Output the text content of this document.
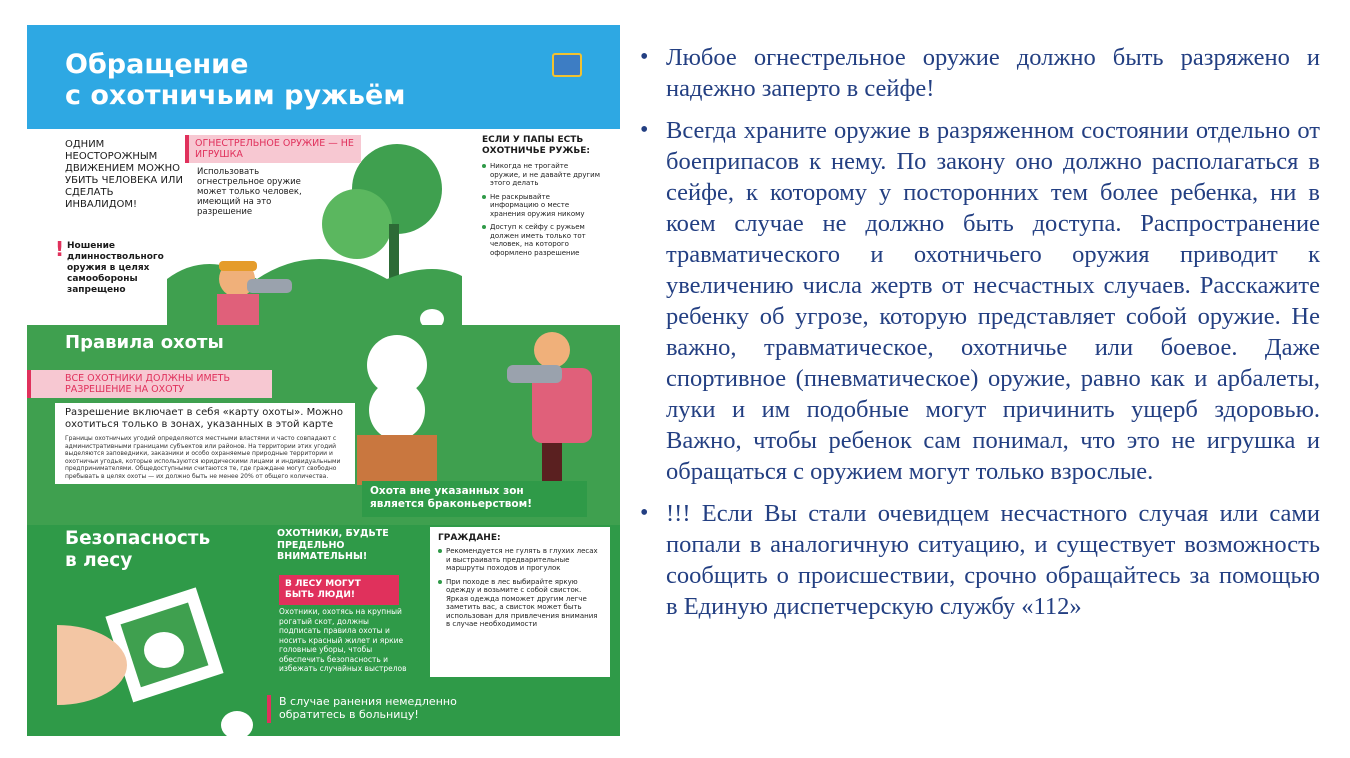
Обращение
с охотничьим ружьём
ОДНИМ НЕОСТОРОЖНЫМ ДВИЖЕНИЕМ МОЖНО УБИТЬ ЧЕЛОВЕКА ИЛИ СДЕЛАТЬ ИНВАЛИДОМ!
! Ношение длинноствольного оружия в целях самообороны запрещено
ОГНЕСТРЕЛЬНОЕ ОРУЖИЕ — НЕ ИГРУШКА
Использовать огнестрельное оружие может только человек, имеющий на это разрешение
ЕСЛИ У ПАПЫ ЕСТЬ ОХОТНИЧЬЕ РУЖЬЕ:
Никогда не трогайте оружие, и не давайте другим этого делать
Не раскрывайте информацию о месте хранения оружия никому
Доступ к сейфу с ружьем должен иметь только тот человек, на которого оформлено разрешение
Правила охоты
ВСЕ ОХОТНИКИ ДОЛЖНЫ ИМЕТЬ РАЗРЕШЕНИЕ НА ОХОТУ
Разрешение включает в себя «карту охоты». Можно охотиться только в зонах, указанных в этой карте
Границы охотничьих угодий определяются местными властями и часто совпадают с административными границами субъектов или районов. На территории этих угодий выделяются заповедники, заказники и особо охраняемые природные территории и охотничьи угодья, которые используются юридическими лицами и индивидуальными предпринимателями. Общедоступными считаются те, где граждане могут свободно пребывать в целях охоты — их должно быть не менее 20% от общего количества.
Охота вне указанных зон является браконьерством!
Безопасность
в лесу
ОХОТНИКИ, БУДЬТЕ ПРЕДЕЛЬНО ВНИМАТЕЛЬНЫ!
В ЛЕСУ МОГУТ БЫТЬ ЛЮДИ!
Охотники, охотясь на крупный рогатый скот, должны подписать правила охоты и носить красный жилет и яркие головные уборы, чтобы обеспечить безопасность и избежать случайных выстрелов
ГРАЖДАНЕ:
Рекомендуется не гулять в глухих лесах и выстраивать предварительные маршруты походов и прогулок
При походе в лес выбирайте яркую одежду и возьмите с собой свисток. Яркая одежда поможет другим легче заметить вас, а свисток может быть использован для привлечения внимания в случае необходимости
В случае ранения немедленно обратитесь в больницу!
• Любое огнестрельное оружие должно быть разряжено и надежно заперто в сейфе!
• Всегда храните оружие в разряженном состоянии отдельно от боеприпасов к нему. По закону оно должно располагаться в сейфе, к которому у посторонних тем более ребенка, ни в коем случае не должно быть доступа. Распространение травматического и охотничьего оружия приводит к увеличению числа жертв от несчастных случаев. Расскажите ребенку об угрозе, которую представляет собой оружие. Не важно, травматическое, охотничье или боевое. Даже спортивное (пневматическое) оружие, равно как и арбалеты, луки и им подобные могут причинить ущерб здоровью. Важно, чтобы ребенок сам понимал, что это не игрушка и обращаться с оружием могут только взрослые.
• !!! Если Вы стали очевидцем несчастного случая или сами попали в аналогичную ситуацию, и существует возможность сообщить о происшествии, срочно обращайтесь за помощью в Единую диспетчерскую службу «112»
